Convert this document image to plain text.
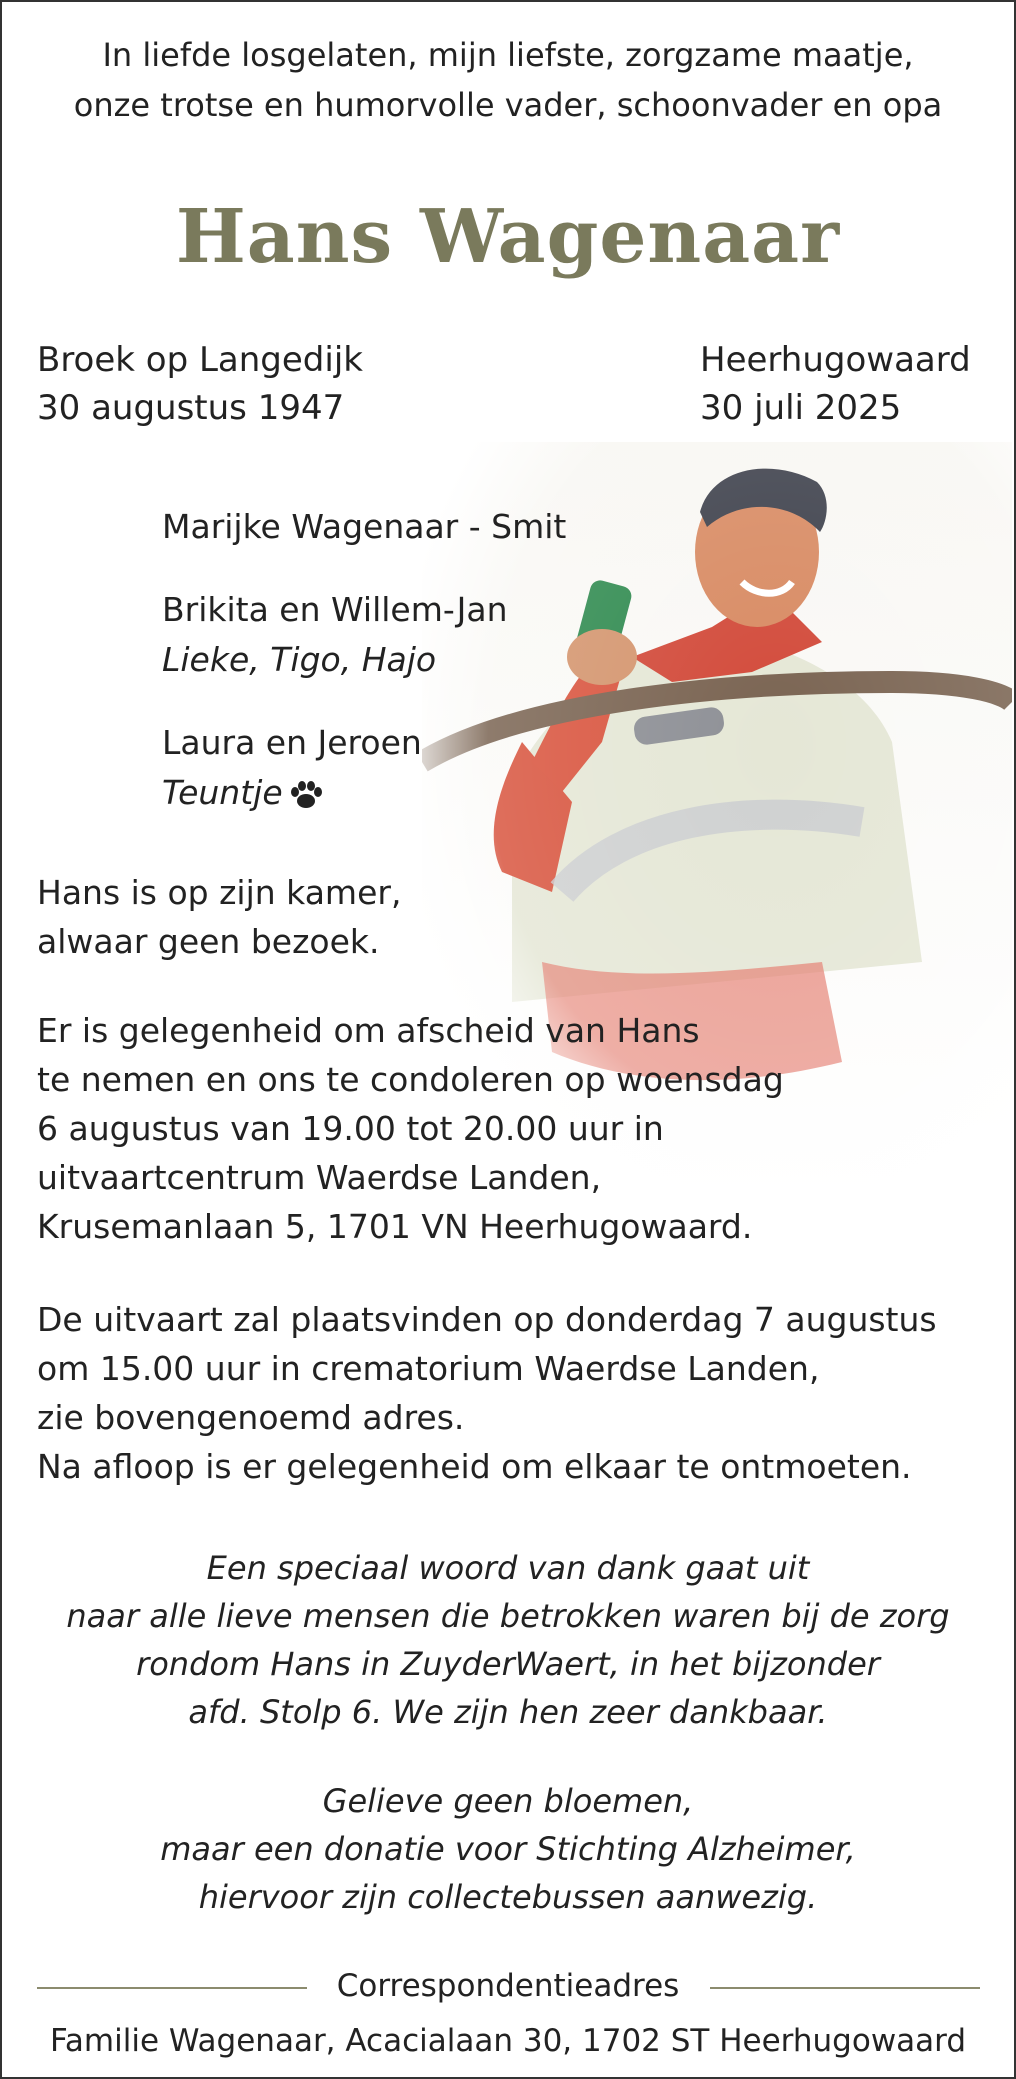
In liefde losgelaten, mijn liefste, zorgzame maatje,

onze trotse en humorvolle vader, schoonvader en opa

Hans Wagenaar

Broek op Langedijk

30 augustus 1947

Heerhugowaard

30 juli 2025

Marijke Wagenaar - Smit

Brikita en Willem-Jan

Lieke, Tigo, Hajo

Laura en Jeroen

Teuntje

Hans is op zijn kamer,

alwaar geen bezoek.

Er is gelegenheid om afscheid van Hans

te nemen en ons te condoleren op woensdag

6 augustus van 19.00 tot 20.00 uur in

uitvaartcentrum Waerdse Landen,

Krusemanlaan 5, 1701 VN Heerhugowaard.

De uitvaart zal plaatsvinden op donderdag 7 augustus

om 15.00 uur in crematorium Waerdse Landen,

zie bovengenoemd adres.

Na afloop is er gelegenheid om elkaar te ontmoeten.

Een speciaal woord van dank gaat uit

naar alle lieve mensen die betrokken waren bij de zorg

rondom Hans in ZuyderWaert, in het bijzonder

afd. Stolp 6. We zijn hen zeer dankbaar.

Gelieve geen bloemen,

maar een donatie voor Stichting Alzheimer,

hiervoor zijn collectebussen aanwezig.

Correspondentieadres

Familie Wagenaar, Acacialaan 30, 1702 ST Heerhugowaard
